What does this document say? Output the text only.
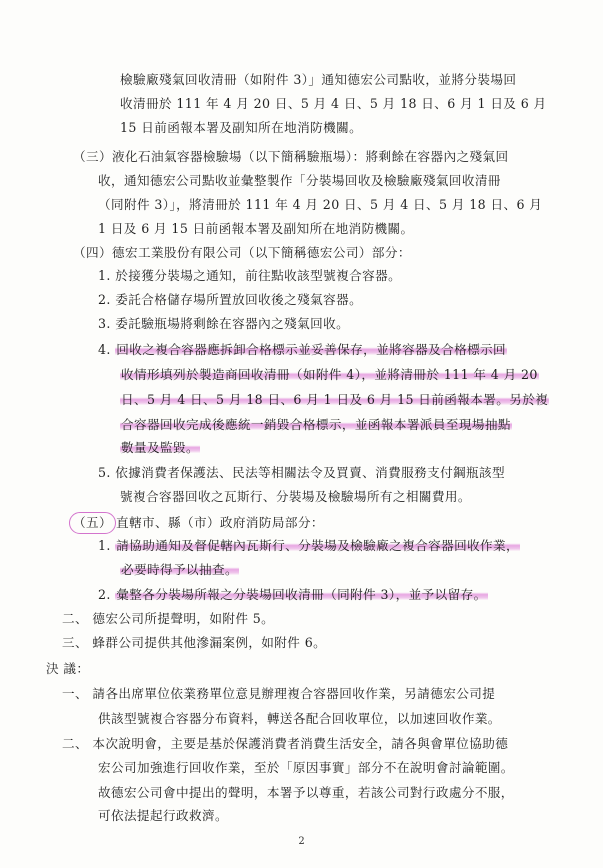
檢驗廠殘氣回收清冊（如附件 3）」通知德宏公司點收，並將分裝場回
收清冊於 111 年 4 月 20 日、5 月 4 日、5 月 18 日、6 月 1 日及 6 月
15 日前函報本署及副知所在地消防機關。
（三）液化石油氣容器檢驗場（以下簡稱驗瓶場）：將剩餘在容器內之殘氣回
收，通知德宏公司點收並彙整製作「分裝場回收及檢驗廠殘氣回收清冊
（同附件 3）」，將清冊於 111 年 4 月 20 日、5 月 4 日、5 月 18 日、6 月
1 日及 6 月 15 日前函報本署及副知所在地消防機關。
（四）德宏工業股份有限公司（以下簡稱德宏公司）部分：
1. 於接獲分裝場之通知，前往點收該型號複合容器。
2. 委託合格儲存場所置放回收後之殘氣容器。
3. 委託驗瓶場將剩餘在容器內之殘氣回收。
4. 回收之複合容器應拆卸合格標示並妥善保存，並將容器及合格標示回
收情形填列於製造商回收清冊（如附件 4），並將清冊於 111 年 4 月 20
日、5 月 4 日、5 月 18 日、6 月 1 日及 6 月 15 日前函報本署。另於複
合容器回收完成後應統一銷毀合格標示，並函報本署派員至現場抽點
數量及監毀。
5. 依據消費者保護法、民法等相關法令及買賣、消費服務支付鋼瓶該型
號複合容器回收之瓦斯行、分裝場及檢驗場所有之相關費用。
（五） 直轄市、縣（市）政府消防局部分：
1. 請協助通知及督促轄內瓦斯行、分裝場及檢驗廠之複合容器回收作業，
必要時得予以抽查。
2. 彙整各分裝場所報之分裝場回收清冊（同附件 3），並予以留存。
二、 德宏公司所提聲明，如附件 5。
三、 蜂群公司提供其他滲漏案例，如附件 6。
決 議：
一、 請各出席單位依業務單位意見辦理複合容器回收作業，另請德宏公司提
供該型號複合容器分布資料，轉送各配合回收單位，以加速回收作業。
二、 本次說明會，主要是基於保護消費者消費生活安全，請各與會單位協助德
宏公司加強進行回收作業，至於「原因事實」部分不在說明會討論範圍。
故德宏公司會中提出的聲明，本署予以尊重，若該公司對行政處分不服，
可依法提起行政救濟。
2
